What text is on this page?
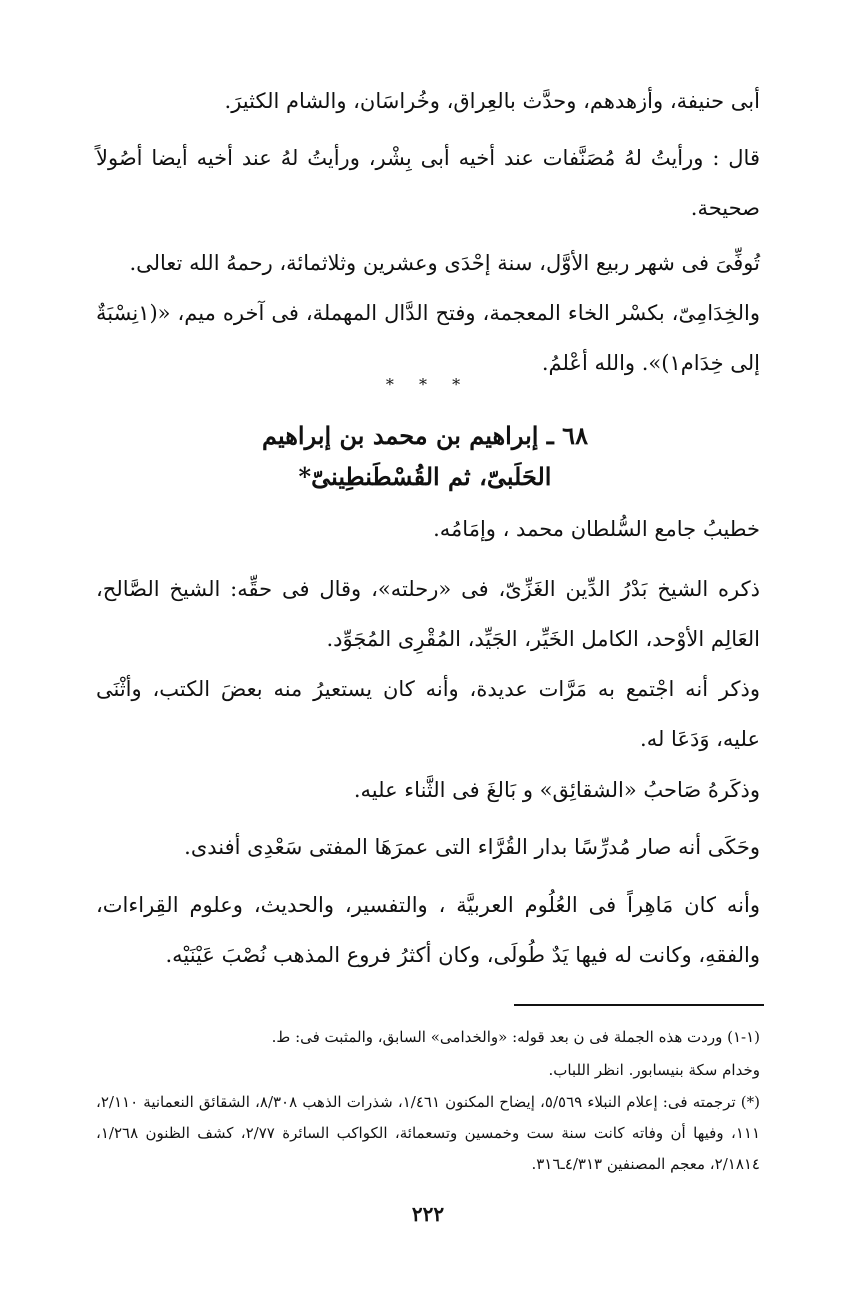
أبى حنيفة، وأزهدهم، وحدَّث بالعِراق، وخُراسَان، والشام الكثيرَ.
قال : ورأيتُ لهُ مُصَنَّفات عند أخيه أبى بِشْر، ورأيتُ لهُ عند أخيه أيضا أصُولاً صحيحة.
تُوفِّىَ فى شهر ربيع الأوَّل، سنة إحْدَى وعشرين وثلاثمائة، رحمهُ الله تعالى.
والخِدَامِىّ، بكسْر الخاء المعجمة، وفتح الدَّال المهملة، فى آخره ميم، «(١نِسْبَةٌ إلى خِدَام١)». والله أعْلمُ.
* * *
٦٨ ـ إبراهيم بن محمد بن إبراهيم
الحَلَبىّ، ثم القُسْطَنطِينىّ*
خطيبُ جامع السُّلطان محمد ، وإمَامُه.
ذكره الشيخ بَدْرُ الدِّين الغَزِّىّ، فى «رحلته»، وقال فى حقِّه: الشيخ الصَّالح، العَالِم الأوْحد، الكامل الخَيِّر، الجَيِّد، المُقْرِى المُجَوِّد.
وذكر أنه اجْتمع به مَرَّات عديدة، وأنه كان يستعيرُ منه بعضَ الكتب، وأثْنَى عليه، وَدَعَا له.
وذكَرهُ صَاحبُ «الشقائِق» و بَالغَ فى الثَّناء عليه.
وحَكَى أنه صار مُدرِّسًا بدار القُرَّاء التى عمرَهَا المفتى سَعْدِى أفندى.
وأنه كان مَاهِراً فى العُلُوم العربيَّة ، والتفسير، والحديث، وعلوم القِراءات، والفقهِ، وكانت له فيها يَدٌ طُولَى، وكان أكثرُ فروع المذهب نُصْبَ عَيْنَيْه.
(١-١) وردت هذه الجملة فى ن بعد قوله: «والخدامى» السابق، والمثبت فى: ط.
وخدام سكة بنيسابور. انظر اللباب.
(*) ترجمته فى: إعلام النبلاء ٥/٥٦٩، إيضاح المكنون ١/٤٦١، شذرات الذهب ٨/٣٠٨، الشقائق النعمانية ٢/١١٠، ١١١، وفيها أن وفاته كانت سنة ست وخمسين وتسعمائة، الكواكب السائرة ٢/٧٧، كشف الظنون ١/٢٦٨، ٢/١٨١٤، معجم المصنفين ٤/٣١٣ـ٣١٦.
٢٢٢
